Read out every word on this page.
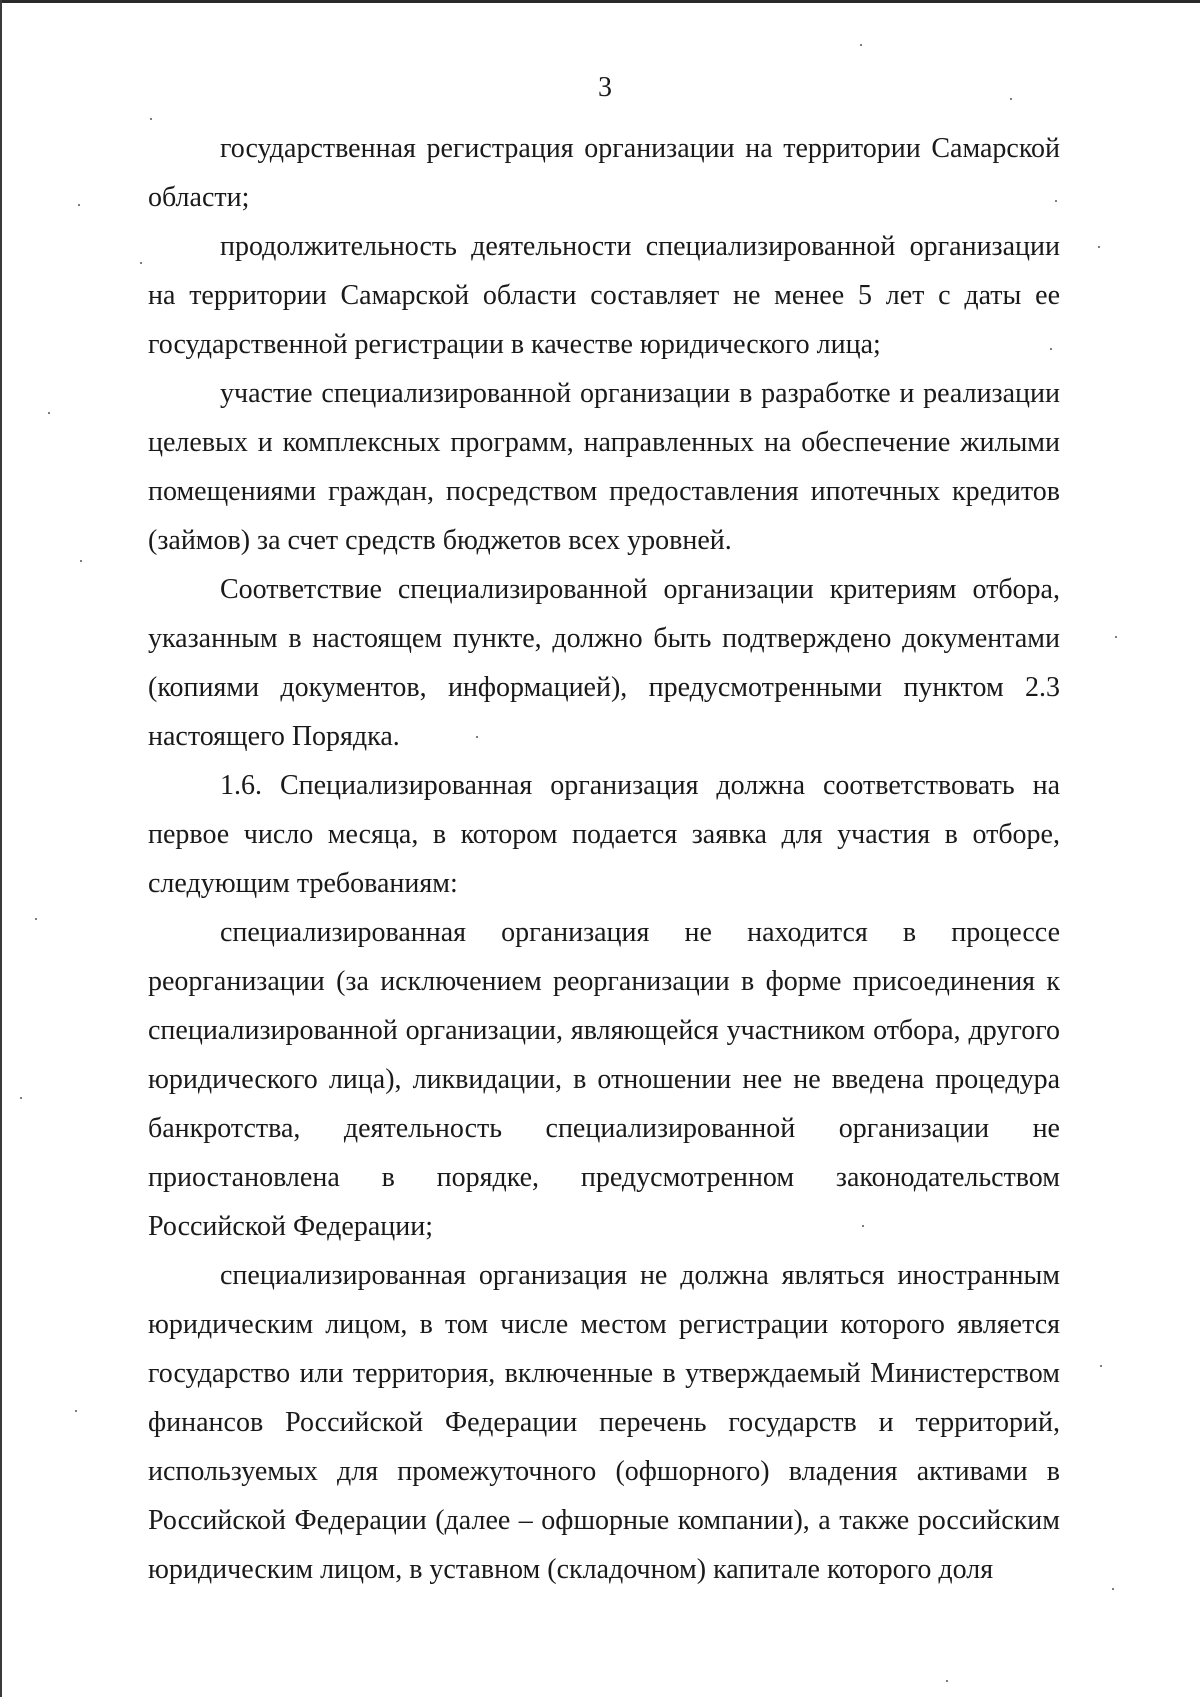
3

государственная регистрация организации на территории Самарской области;

продолжительность деятельности специализированной организации на территории Самарской области составляет не менее 5 лет с даты ее государственной регистрации в качестве юридического лица;

участие специализированной организации в разработке и реализации целевых и комплексных программ, направленных на обеспечение жилыми помещениями граждан, посредством предоставления ипотечных кредитов (займов) за счет средств бюджетов всех уровней.

Соответствие специализированной организации критериям отбора, указанным в настоящем пункте, должно быть подтверждено документами (копиями документов, информацией), предусмотренными пунктом 2.3 настоящего Порядка.

1.6. Специализированная организация должна соответствовать на первое число месяца, в котором подается заявка для участия в отборе, следующим требованиям:

специализированная организация не находится в процессе реорганизации (за исключением реорганизации в форме присоединения к специализированной организации, являющейся участником отбора, другого юридического лица), ликвидации, в отношении нее не введена процедура банкротства, деятельность специализированной организации не приостановлена в порядке, предусмотренном законодательством Российской Федерации;

специализированная организация не должна являться иностранным юридическим лицом, в том числе местом регистрации которого является государство или территория, включенные в утверждаемый Министерством финансов Российской Федерации перечень государств и территорий, используемых для промежуточного (офшорного) владения активами в Российской Федерации (далее – офшорные компании), а также российским юридическим лицом, в уставном (складочном) капитале которого доля
